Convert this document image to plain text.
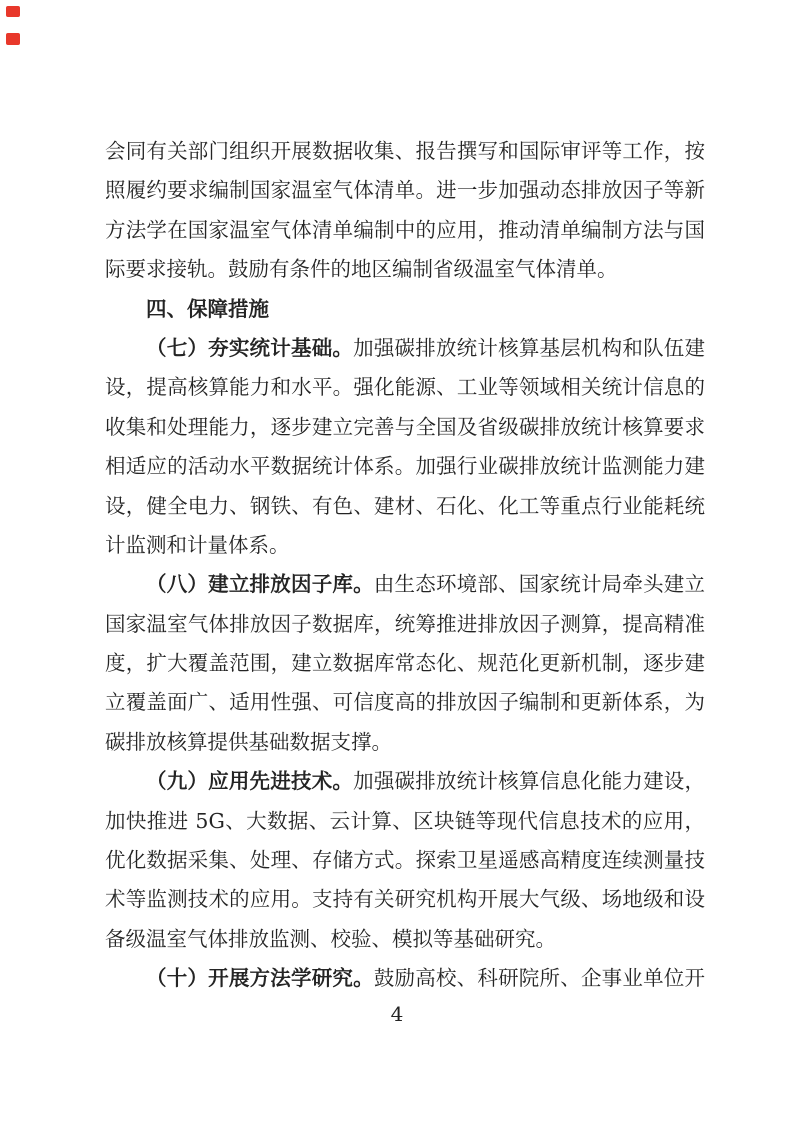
会同有关部门组织开展数据收集、报告撰写和国际审评等工作，按
照履约要求编制国家温室气体清单。进一步加强动态排放因子等新
方法学在国家温室气体清单编制中的应用，推动清单编制方法与国
际要求接轨。鼓励有条件的地区编制省级温室气体清单。
四、保障措施
（七）夯实统计基础。加强碳排放统计核算基层机构和队伍建
设，提高核算能力和水平。强化能源、工业等领域相关统计信息的
收集和处理能力，逐步建立完善与全国及省级碳排放统计核算要求
相适应的活动水平数据统计体系。加强行业碳排放统计监测能力建
设，健全电力、钢铁、有色、建材、石化、化工等重点行业能耗统
计监测和计量体系。
（八）建立排放因子库。由生态环境部、国家统计局牵头建立
国家温室气体排放因子数据库，统筹推进排放因子测算，提高精准
度，扩大覆盖范围，建立数据库常态化、规范化更新机制，逐步建
立覆盖面广、适用性强、可信度高的排放因子编制和更新体系，为
碳排放核算提供基础数据支撑。
（九）应用先进技术。加强碳排放统计核算信息化能力建设，
加快推进 5G、大数据、云计算、区块链等现代信息技术的应用，
优化数据采集、处理、存储方式。探索卫星遥感高精度连续测量技
术等监测技术的应用。支持有关研究机构开展大气级、场地级和设
备级温室气体排放监测、校验、模拟等基础研究。
（十）开展方法学研究。鼓励高校、科研院所、企事业单位开
4
